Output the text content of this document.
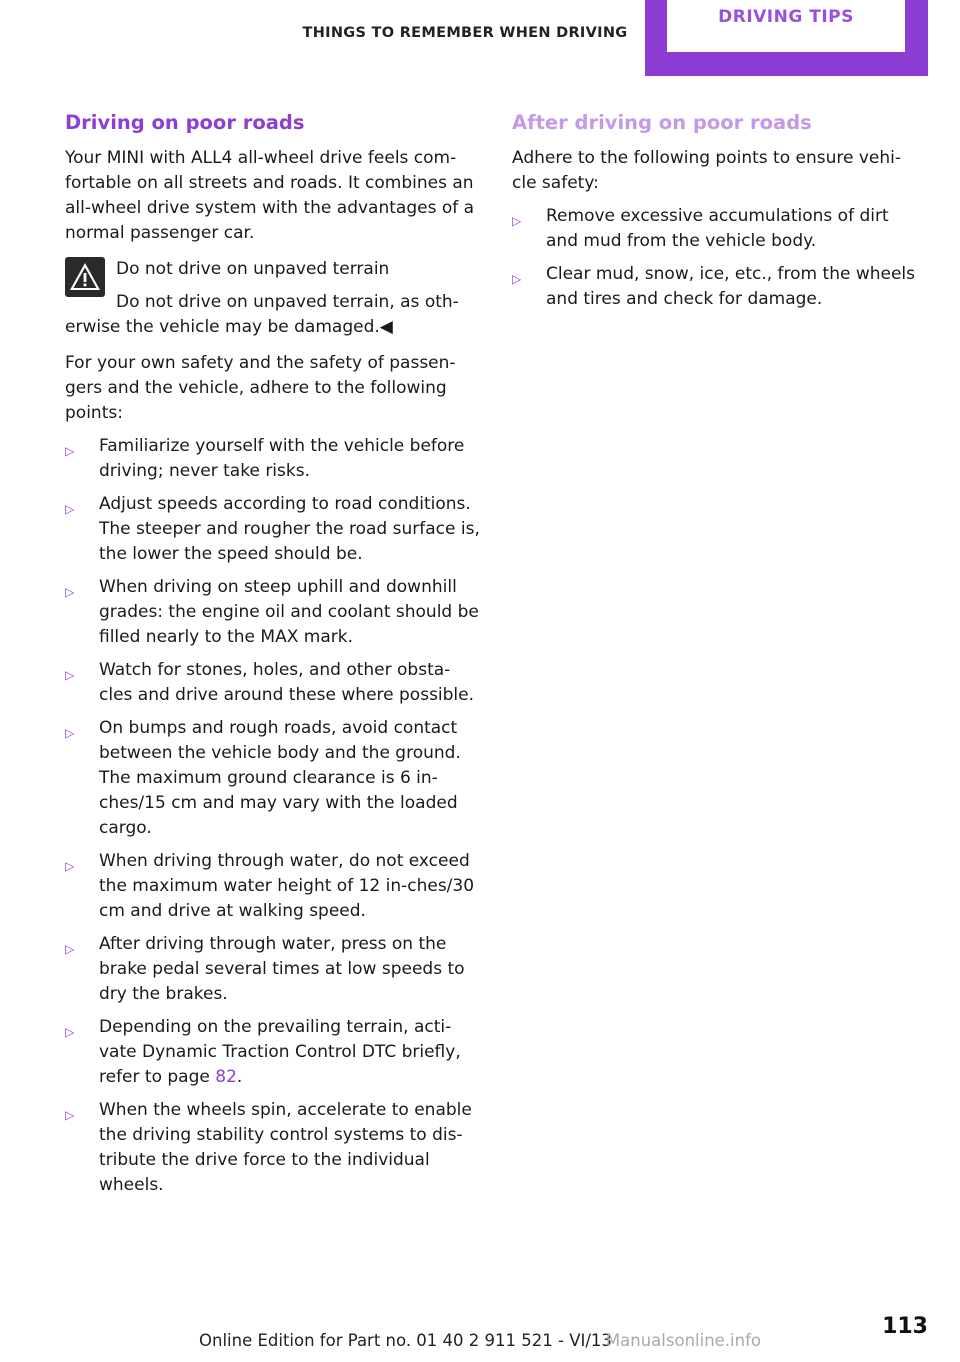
THINGS TO REMEMBER WHEN DRIVING
DRIVING TIPS
Driving on poor roads

Your MINI with ALL4 all-wheel drive feels com-fortable on all streets and roads. It combines an all-wheel drive system with the advantages of a normal passenger car.

Do not drive on unpaved terrain
Do not drive on unpaved terrain, as oth-
erwise the vehicle may be damaged.◀

For your own safety and the safety of passen-gers and the vehicle, adhere to the following points:

▷ Familiarize yourself with the vehicle before driving; never take risks.
▷ Adjust speeds according to road conditions. The steeper and rougher the road surface is, the lower the speed should be.
▷ When driving on steep uphill and downhill grades: the engine oil and coolant should be filled nearly to the MAX mark.
▷ Watch for stones, holes, and other obsta-cles and drive around these where possible.
▷ On bumps and rough roads, avoid contact between the vehicle body and the ground. The maximum ground clearance is 6 in-ches/15 cm and may vary with the loaded cargo.
▷ When driving through water, do not exceed the maximum water height of 12 in-ches/30 cm and drive at walking speed.
▷ After driving through water, press on the brake pedal several times at low speeds to dry the brakes.
▷ Depending on the prevailing terrain, acti-vate Dynamic Traction Control DTC briefly, refer to page 82.
▷ When the wheels spin, accelerate to enable the driving stability control systems to dis-tribute the drive force to the individual wheels.
After driving on poor roads

Adhere to the following points to ensure vehi-cle safety:

▷ Remove excessive accumulations of dirt and mud from the vehicle body.
▷ Clear mud, snow, ice, etc., from the wheels and tires and check for damage.
113
Online Edition for Part no. 01 40 2 911 521 - VI/13Manualsonline.info
